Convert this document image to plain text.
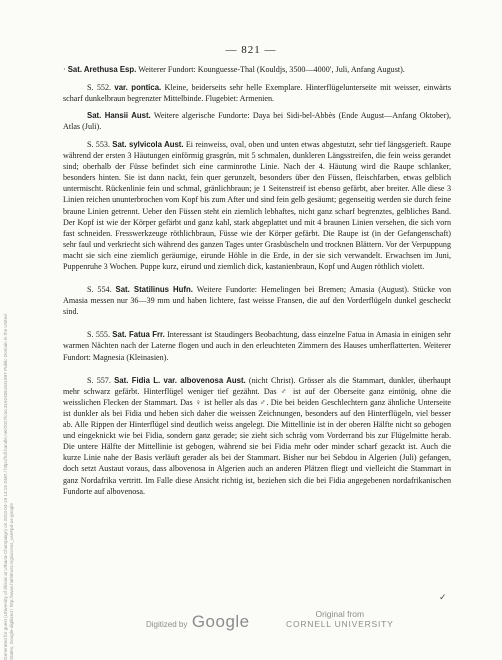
— 821 —

· Sat. Arethusa Esp. Weiterer Fundort: Kounguesse-Thal (Kouldjs, 3500—4000′, Juli, Anfang August).

S. 552. var. pontica. Kleine, beiderseits sehr helle Exemplare. Hinterflügelunterseite mit weisser, einwärts scharf dunkelbraun begrenzter Mittelbinde. Flugebiet: Armenien.

Sat. Hansii Aust. Weitere algerische Fundorte: Daya bei Sidi-bel-Abbès (Ende August—Anfang Oktober), Atlas (Juli).

S. 553. Sat. sylvicola Aust. Ei reinweiss, oval, oben und unten etwas abgestutzt, sehr tief längsgerieft. Raupe während der ersten 3 Häutungen einförmig grasgrün, mit 5 schmalen, dunkleren Längsstreifen, die fein weiss gerandet sind; oberhalb der Füsse befindet sich eine carminrothe Linie. Nach der 4. Häutung wird die Raupe schlanker, besonders hinten. Sie ist dann nackt, fein quer gerunzelt, besonders über den Füssen, fleischfarben, etwas gelblich untermischt. Rückenlinie fein und schmal, gränlichbraun; je 1 Seitenstreif ist ebenso gefärbt, aber breiter. Alle diese 3 Linien reichen ununterbrochen vom Kopf bis zum After und sind fein gelb gesäumt; gegenseitig werden sie durch feine braune Linien getrennt. Ueber den Füssen steht ein ziemlich lebhaftes, nicht ganz scharf begrenztes, gelbliches Band. Der Kopf ist wie der Körper gefärbt und ganz kahl, stark abgeplattet und mit 4 braunen Linien versehen, die sich vorn fast schneiden. Fresswerkzeuge röthlichbraun, Füsse wie der Körper gefärbt. Die Raupe ist (in der Gefangenschaft) sehr faul und verkriecht sich während des ganzen Tages unter Grasbüscheln und trocknen Blättern. Vor der Verpuppung macht sie sich eine ziemlich geräumige, eirunde Höhle in die Erde, in der sie sich verwandelt. Erwachsen im Juni, Puppenruhe 3 Wochen. Puppe kurz, eirund und ziemlich dick, kastanienbraun, Kopf und Augen röthlich violett.

S. 554. Sat. Statilinus Hufn. Weitere Fundorte: Hemelingen bei Bremen; Amasia (August). Stücke von Amasia messen nur 36—39 mm und haben lichtere, fast weisse Fransen, die auf den Vorderflügeln dunkel gescheckt sind.

S. 555. Sat. Fatua Frr. Interessant ist Staudingers Beobachtung, dass einzelne Fatua in Amasia in einigen sehr warmen Nächten nach der Laterne flogen und auch in den erleuchteten Zimmern des Hauses umherflatterten. Weiterer Fundort: Magnesia (Kleinasien).

S. 557. Sat. Fidia L. var. albovenosa Aust. (nicht Christ). Grösser als die Stammart, dunkler, überhaupt mehr schwarz gefärbt. Hinterflügel weniger tief gezähnt. Das ♂ ist auf der Oberseite ganz eintönig, ohne die weisslichen Flecken der Stammart. Das ♀ ist heller als das ♂. Die bei beiden Geschlechtern ganz ähnliche Unterseite ist dunkler als bei Fidia und heben sich daher die weissen Zeichnungen, besonders auf den Hinterflügeln, viel besser ab. Alle Rippen der Hinterflügel sind deutlich weiss angelegt. Die Mittellinie ist in der oberen Hälfte nicht so gebogen und eingeknickt wie bei Fidia, sondern ganz gerade; sie zieht sich schräg vom Vorderrand bis zur Flügelmitte herab. Die untere Hälfte der Mittellinie ist gebogen, während sie bei Fidia mehr oder minder scharf gezackt ist. Auch die kurze Linie nahe der Basis verläuft gerader als bei der Stammart. Bisher nur bei Sebdou in Algerien (Juli) gefangen, doch setzt Austaut voraus, dass albovenosa in Algerien auch an anderen Plätzen fliegt und vielleicht die Stammart in ganz Nordafrika vertritt. Im Falle diese Ansicht richtig ist, beziehen sich die bei Fidia angegebenen nordafrikanischen Fundorte auf albovenosa.

Generated for guest (University of Illinois at Urbana-Champaign) on 2013-04-19 14:15 GMT / http://hdl.handle.net/2027/coo.31924061631997 Public Domain in the United States, Google-digitized / http://www.hathitrust.org/access_use#pd-us-google	✓
Digitized by Google	Original from
CORNELL UNIVERSITY
